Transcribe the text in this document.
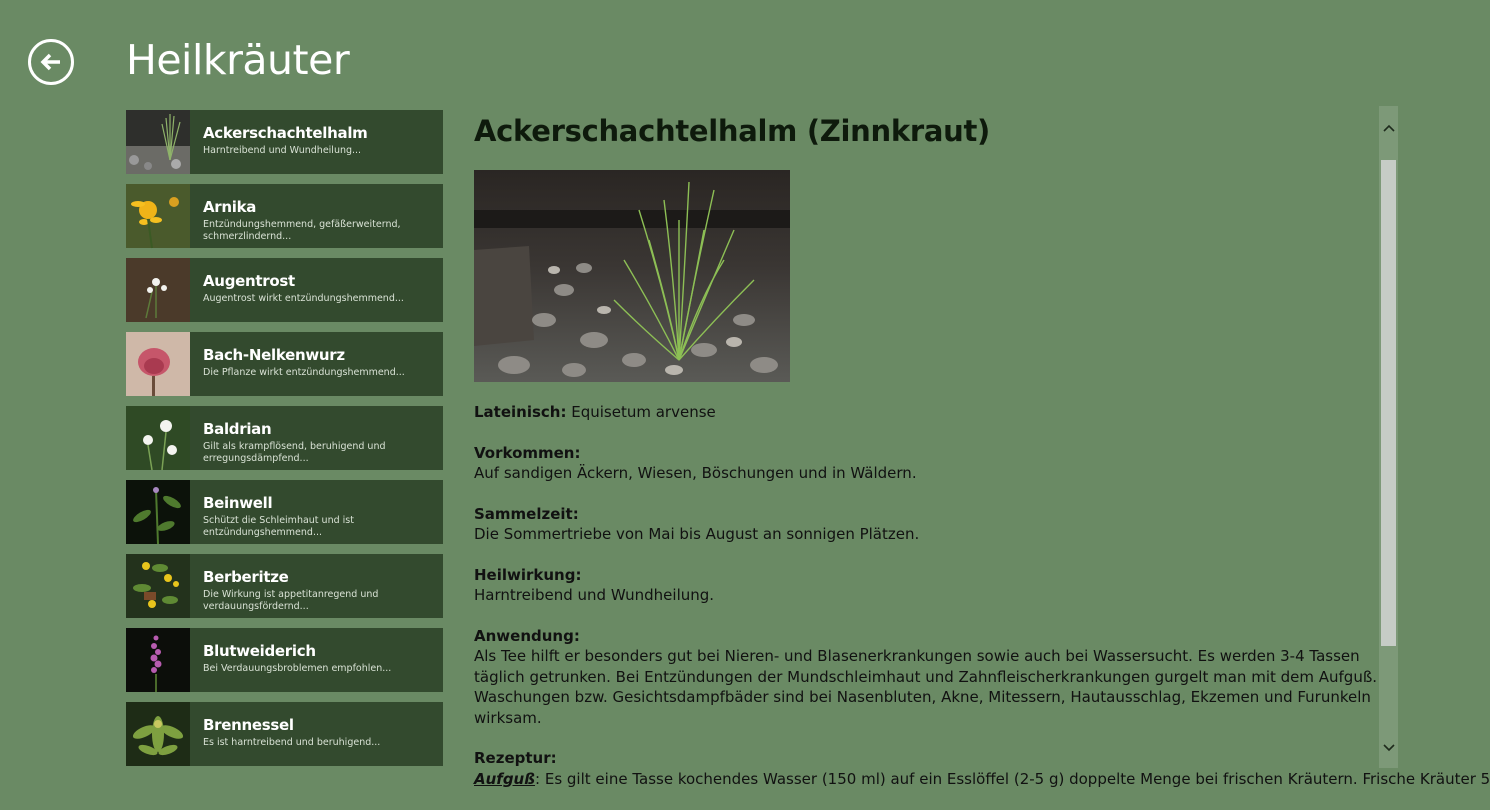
Heilkräuter
Ackerschachtelhalm
Harntreibend und Wundheilung...
Arnika
Entzündungshemmend, gefäßerweiternd, schmerzlindernd...
Augentrost
Augentrost wirkt entzündungshemmend...
Bach-Nelkenwurz
Die Pflanze wirkt entzündungshemmend...
Baldrian
Gilt als krampflösend, beruhigend und erregungsdämpfend...
Beinwell
Schützt die Schleimhaut und ist entzündungshemmend...
Berberitze
Die Wirkung ist appetitanregend und verdauungsfördernd...
Blutweiderich
Bei Verdauungsbroblemen empfohlen...
Brennessel
Es ist harntreibend und beruhigend...
Ackerschachtelhalm (Zinnkraut)
Lateinisch: Equisetum arvense
Vorkommen:
Auf sandigen Äckern, Wiesen, Böschungen und in Wäldern.
Sammelzeit:
Die Sommertriebe von Mai bis August an sonnigen Plätzen.
Heilwirkung:
Harntreibend und Wundheilung.
Anwendung:
Als Tee hilft er besonders gut bei Nieren- und Blasenerkrankungen sowie auch bei Wassersucht. Es werden 3-4 Tassen täglich getrunken. Bei Entzündungen der Mundschleimhaut und Zahnfleischerkrankungen gurgelt man mit dem Aufguß. Waschungen bzw. Gesichtsdampfbäder sind bei Nasenbluten, Akne, Mitessern, Hautausschlag, Ekzemen und Furunkeln wirksam.
Rezeptur:
Aufguß: Es gilt eine Tasse kochendes Wasser (150 ml) auf ein Esslöffel (2-5 g) doppelte Menge bei frischen Kräutern. Frische Kräuter 5
